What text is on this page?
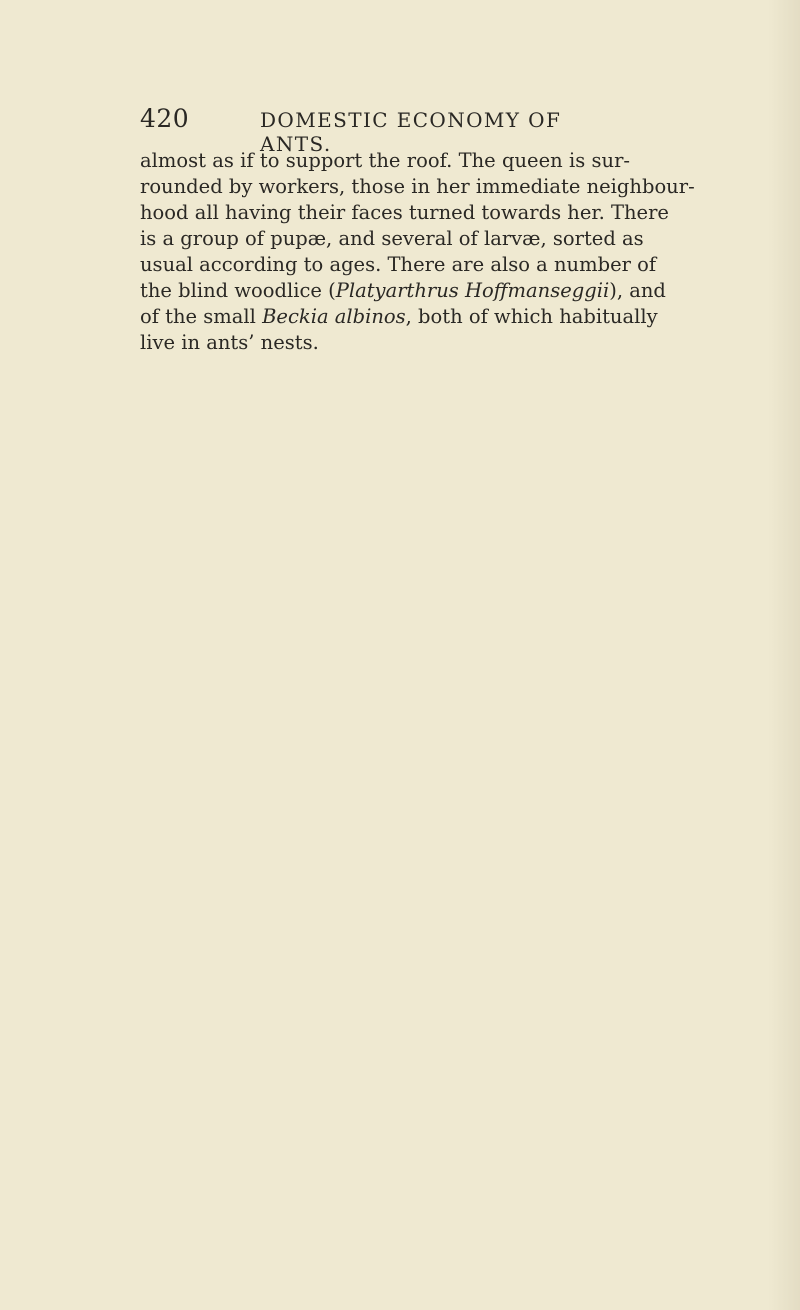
420	DOMESTIC ECONOMY OF ANTS.
almost as if to support the roof. The queen is sur-
rounded by workers, those in her immediate neighbour-
hood all having their faces turned towards her. There
is a group of pupæ, and several of larvæ, sorted as
usual according to ages. There are also a number of
the blind woodlice (Platyarthrus Hoffmanseggii), and
of the small Beckia albinos, both of which habitually
live in ants’ nests.
